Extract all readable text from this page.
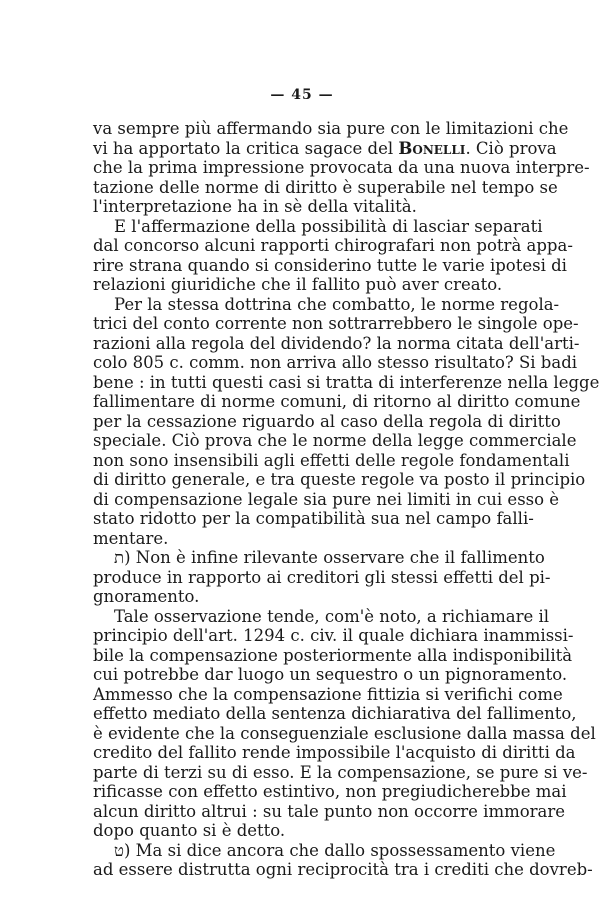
— 45 —
va sempre più affermando sia pure con le limitazioni che
vi ha apportato la critica sagace del Bonelli. Ciò prova
che la prima impressione provocata da una nuova interpre-
tazione delle norme di diritto è superabile nel tempo se
l'interpretazione ha in sè della vitalità.
E l'affermazione della possibilità di lasciar separati
dal concorso alcuni rapporti chirografari non potrà appa-
rire strana quando si considerino tutte le varie ipotesi di
relazioni giuridiche che il fallito può aver creato.
Per la stessa dottrina che combatto, le norme regola-
trici del conto corrente non sottrarrebbero le singole ope-
razioni alla regola del dividendo? la norma citata dell'arti-
colo 805 c. comm. non arriva allo stesso risultato? Si badi
bene : in tutti questi casi si tratta di interferenze nella legge
fallimentare di norme comuni, di ritorno al diritto comune
per la cessazione riguardo al caso della regola di diritto
speciale. Ciò prova che le norme della legge commerciale
non sono insensibili agli effetti delle regole fondamentali
di diritto generale, e tra queste regole va posto il principio
di compensazione legale sia pure nei limiti in cui esso è
stato ridotto per la compatibilità sua nel campo falli-
mentare.
ת) Non è infine rilevante osservare che il fallimento
produce in rapporto ai creditori gli stessi effetti del pi-
gnoramento.
Tale osservazione tende, com'è noto, a richiamare il
principio dell'art. 1294 c. civ. il quale dichiara inammissi-
bile la compensazione posteriormente alla indisponibilità
cui potrebbe dar luogo un sequestro o un pignoramento.
Ammesso che la compensazione fittizia si verifichi come
effetto mediato della sentenza dichiarativa del fallimento,
è evidente che la conseguenziale esclusione dalla massa del
credito del fallito rende impossibile l'acquisto di diritti da
parte di terzi su di esso. E la compensazione, se pure si ve-
rificasse con effetto estintivo, non pregiudicherebbe mai
alcun diritto altrui : su tale punto non occorre immorare
dopo quanto si è detto.
ט) Ma si dice ancora che dallo spossessamento viene
ad essere distrutta ogni reciprocità tra i crediti che dovreb-
